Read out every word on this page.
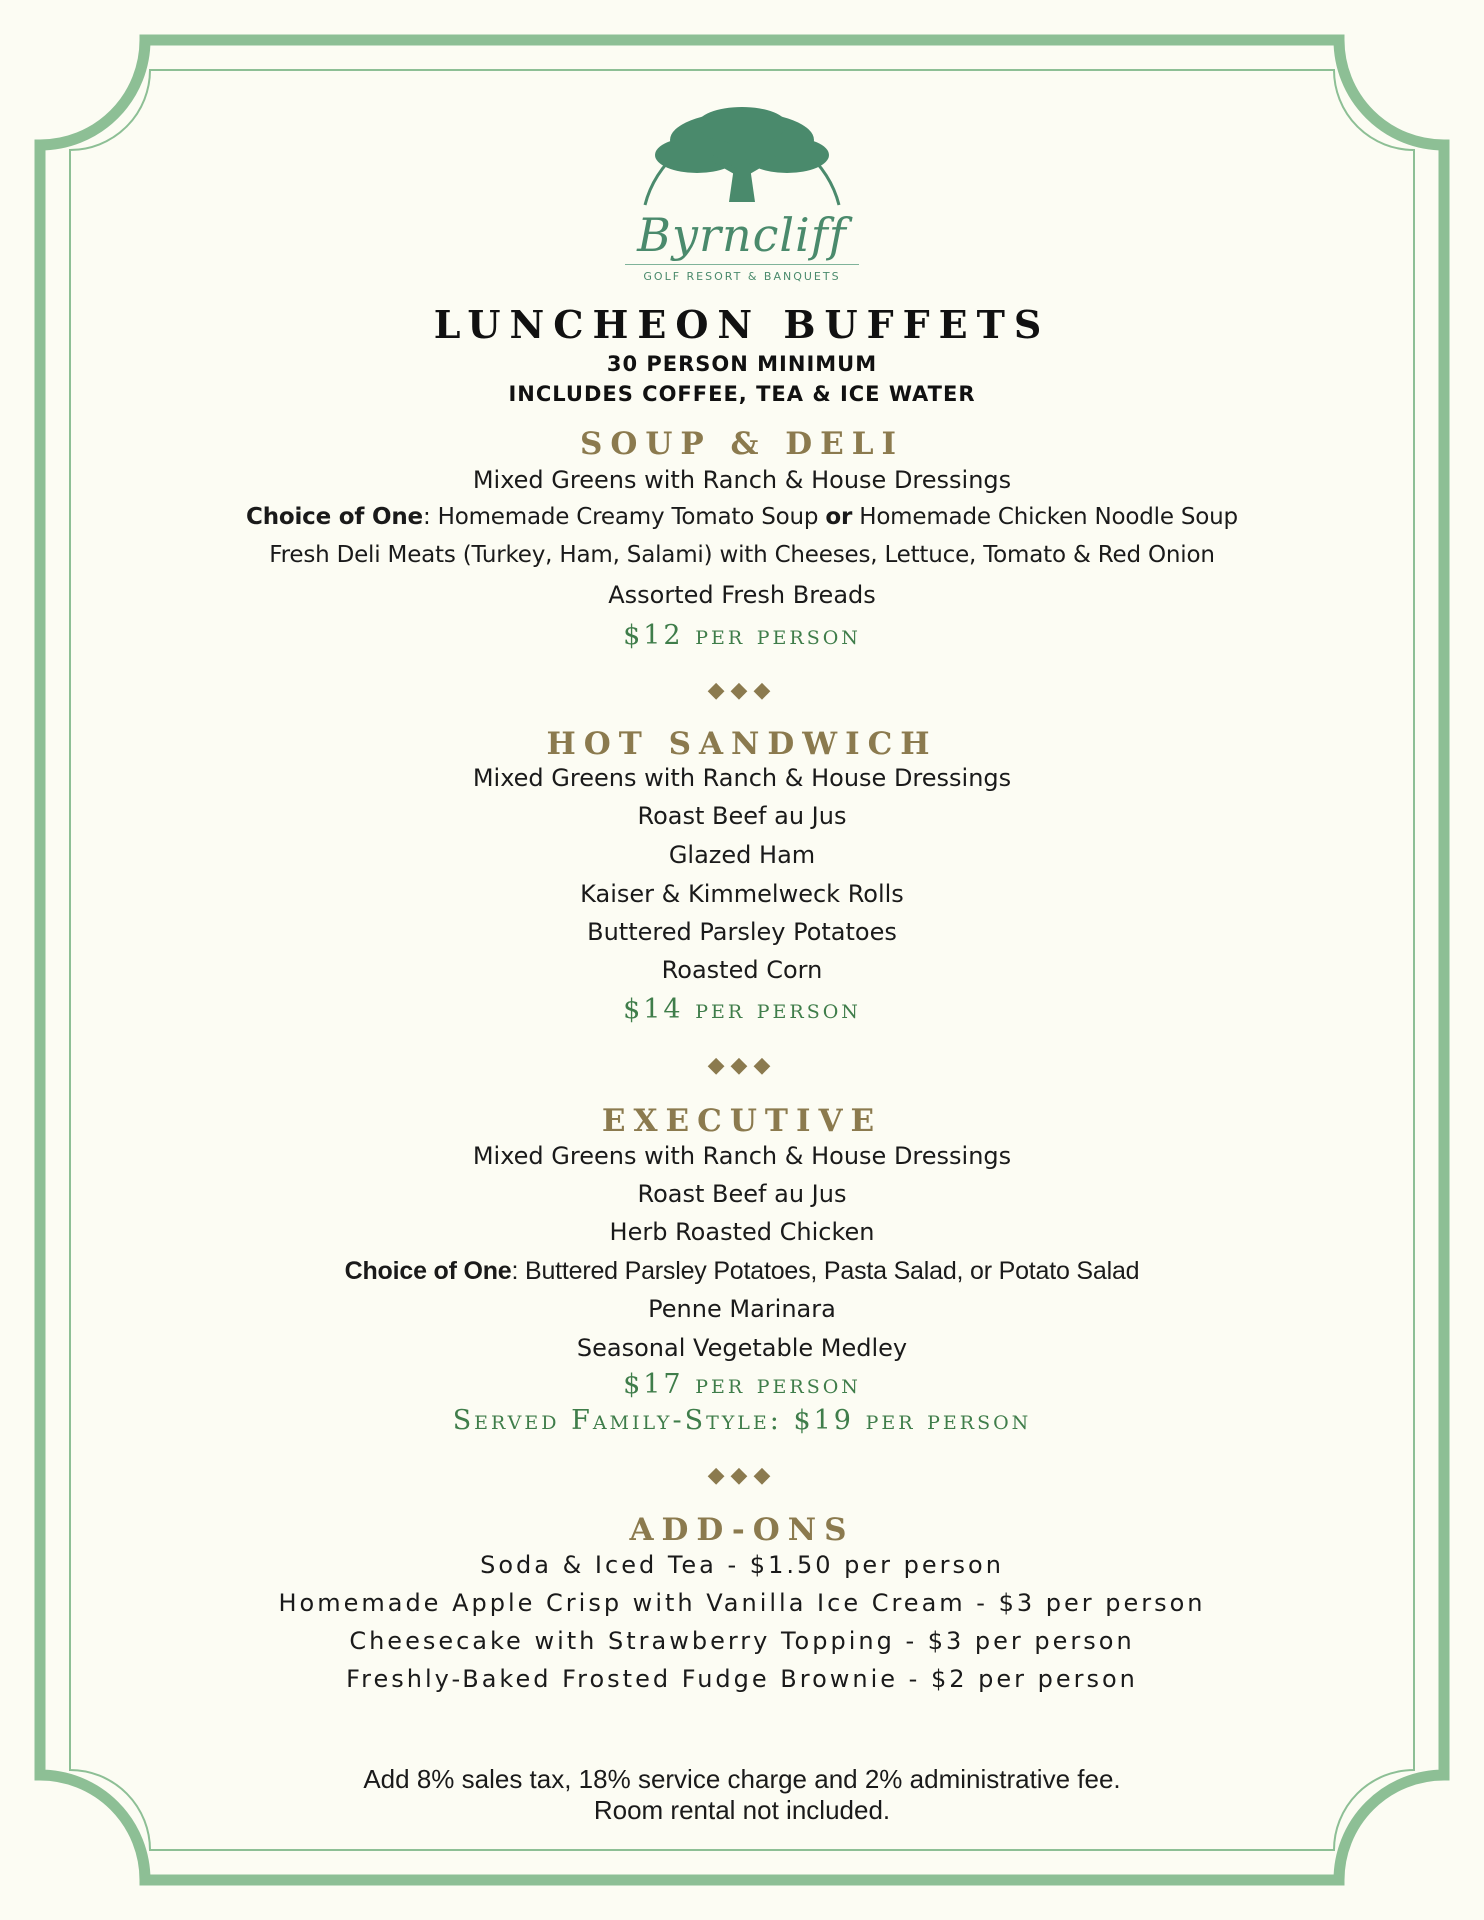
Byrncliff
GOLF RESORT & BANQUETS
LUNCHEON BUFFETS
30 PERSON MINIMUM
INCLUDES COFFEE, TEA & ICE WATER
SOUP & DELI
Mixed Greens with Ranch & House Dressings
Choice of One: Homemade Creamy Tomato Soup or Homemade Chicken Noodle Soup
Fresh Deli Meats (Turkey, Ham, Salami) with Cheeses, Lettuce, Tomato & Red Onion
Assorted Fresh Breads
$12 per person
◆◆◆
HOT SANDWICH
Mixed Greens with Ranch & House Dressings
Roast Beef au Jus
Glazed Ham
Kaiser & Kimmelweck Rolls
Buttered Parsley Potatoes
Roasted Corn
$14 per person
◆◆◆
EXECUTIVE
Mixed Greens with Ranch & House Dressings
Roast Beef au Jus
Herb Roasted Chicken
Choice of One: Buttered Parsley Potatoes, Pasta Salad, or Potato Salad
Penne Marinara
Seasonal Vegetable Medley
$17 per person
Served Family-Style: $19 per person
◆◆◆
ADD-ONS
Soda & Iced Tea - $1.50 per person
Homemade Apple Crisp with Vanilla Ice Cream - $3 per person
Cheesecake with Strawberry Topping - $3 per person
Freshly-Baked Frosted Fudge Brownie - $2 per person
Add 8% sales tax, 18% service charge and 2% administrative fee.
Room rental not included.
